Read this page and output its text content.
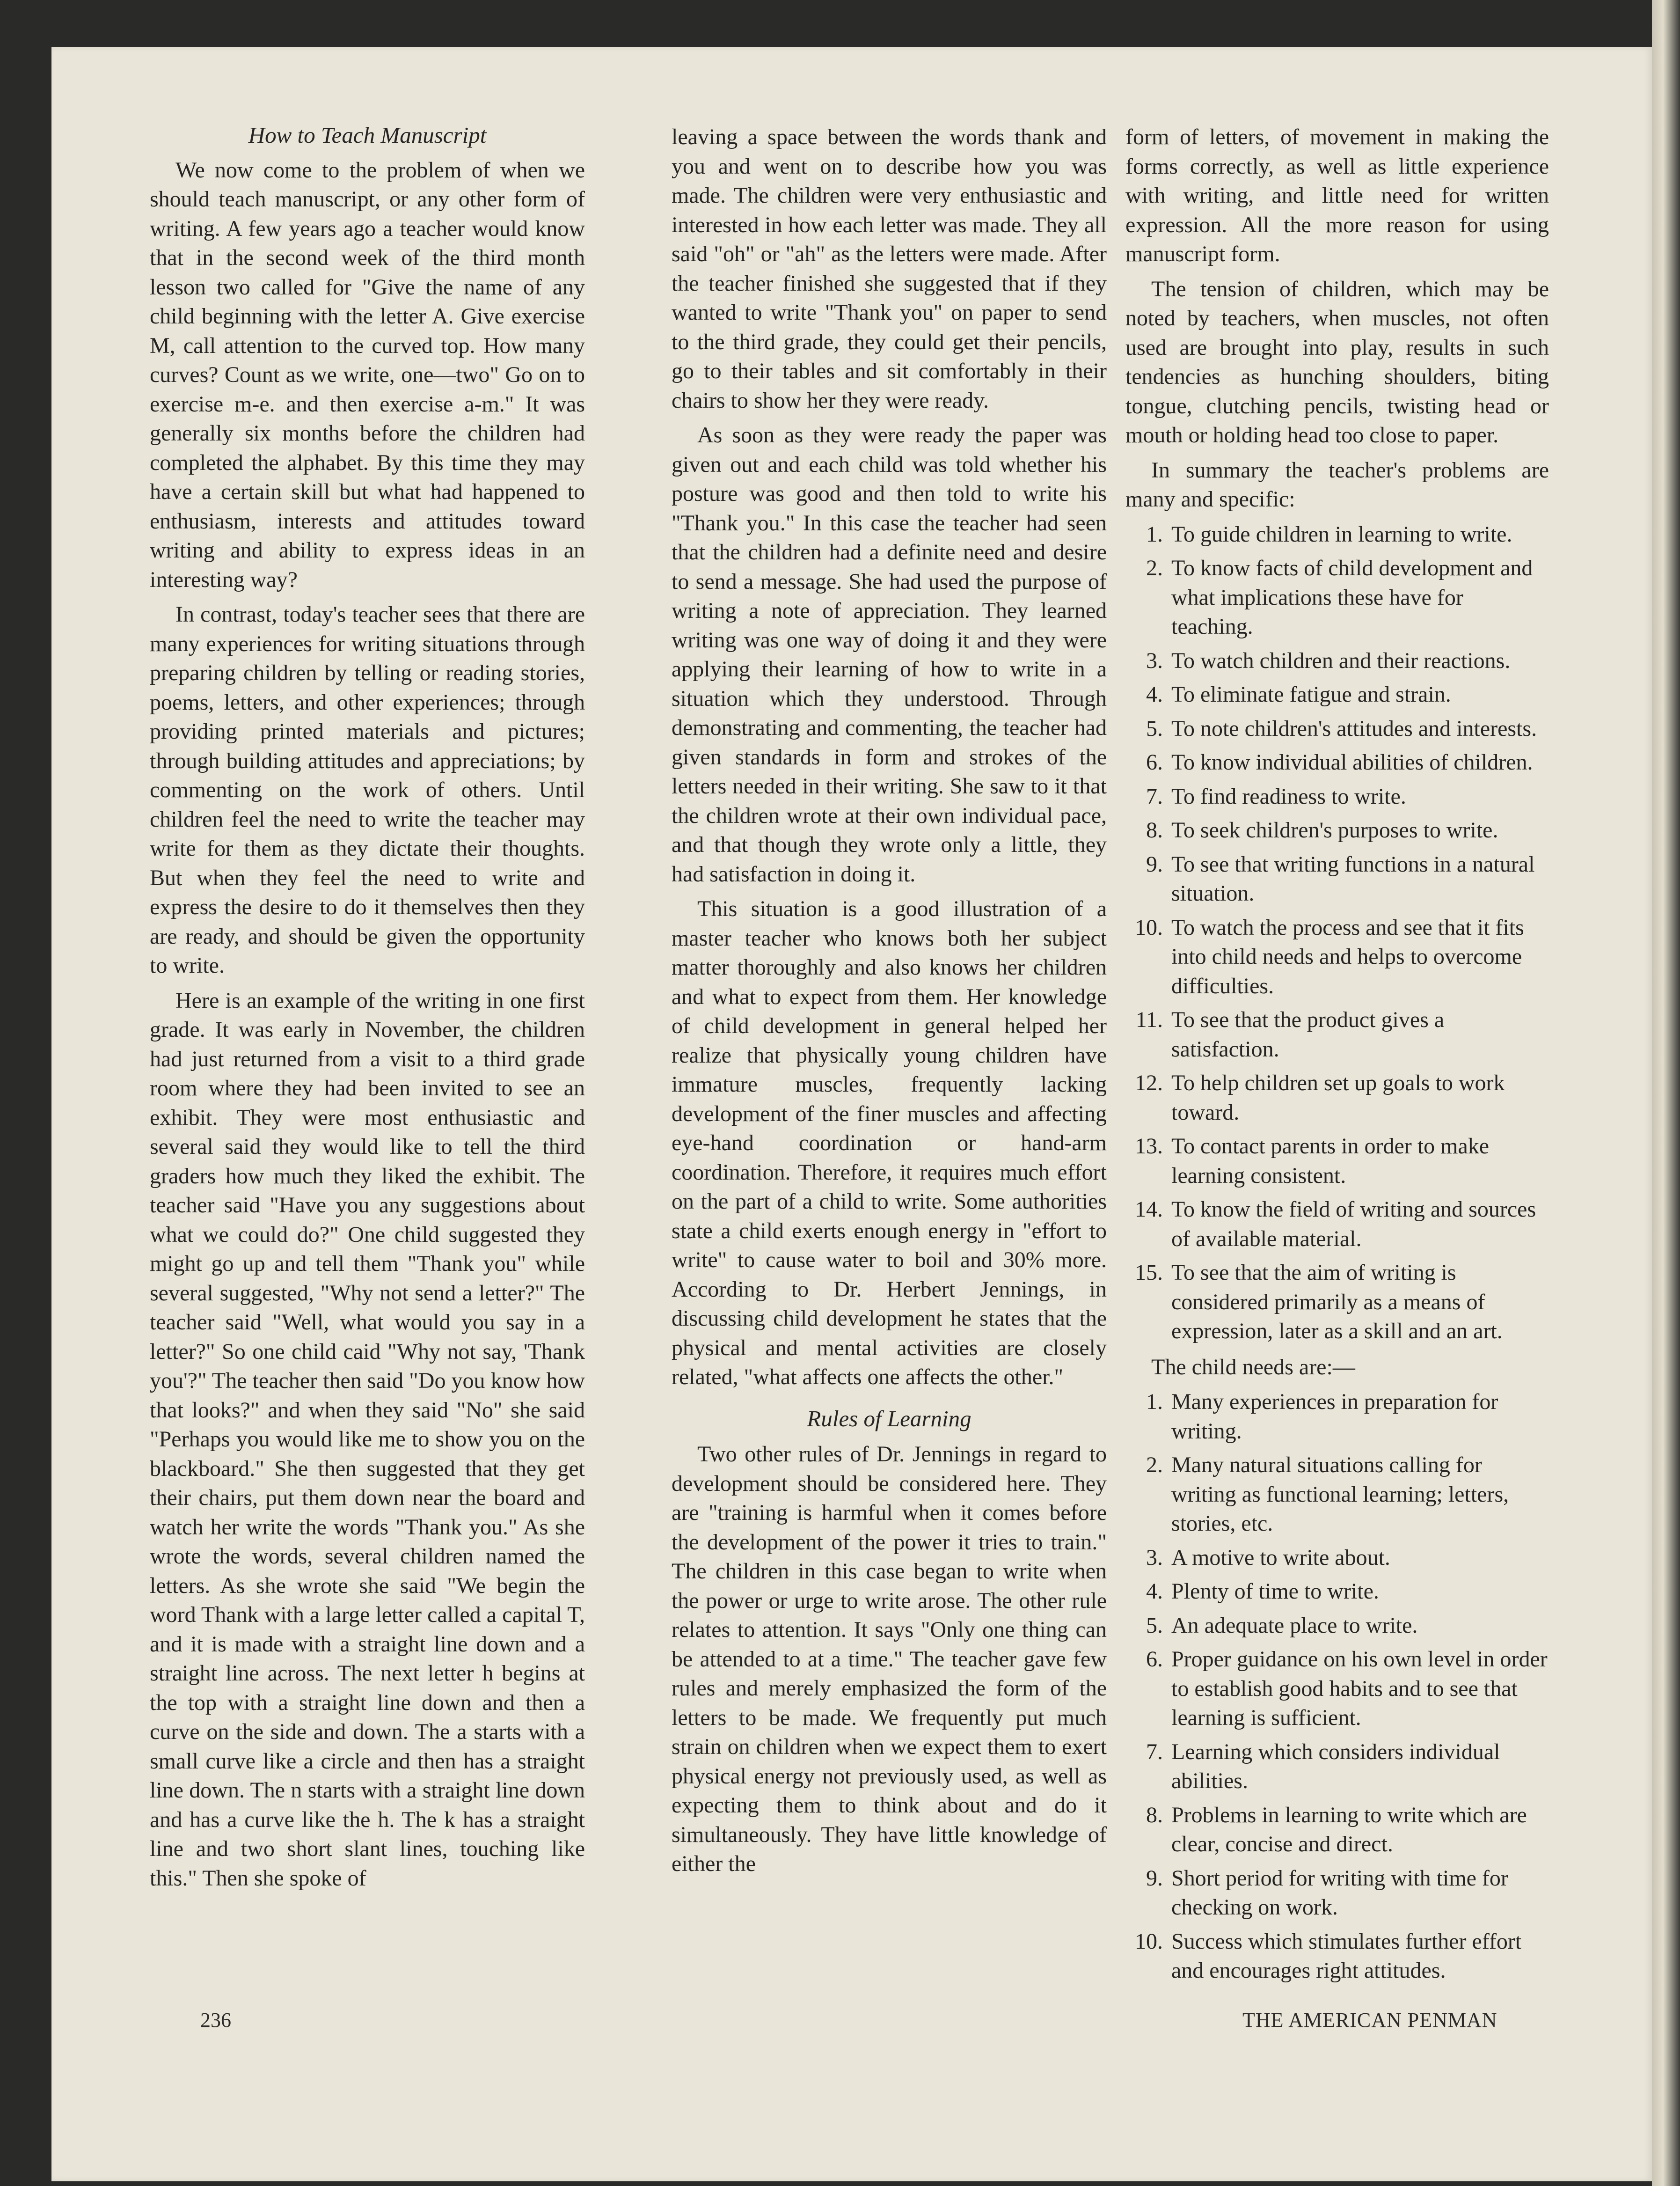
How to Teach Manuscript

We now come to the problem of when we should teach manuscript, or any other form of writing. A few years ago a teacher would know that in the second week of the third month lesson two called for "Give the name of any child beginning with the letter A. Give exercise M, call attention to the curved top. How many curves? Count as we write, one—two" Go on to exercise m-e. and then exercise a-m." It was generally six months before the children had completed the alphabet. By this time they may have a certain skill but what had happened to enthusiasm, interests and attitudes toward writing and ability to express ideas in an interesting way?

In contrast, today's teacher sees that there are many experiences for writing situations through preparing children by telling or reading stories, poems, letters, and other experiences; through providing printed materials and pictures; through building attitudes and appreciations; by commenting on the work of others. Until children feel the need to write the teacher may write for them as they dictate their thoughts. But when they feel the need to write and express the desire to do it themselves then they are ready, and should be given the opportunity to write.

Here is an example of the writing in one first grade. It was early in November, the children had just returned from a visit to a third grade room where they had been invited to see an exhibit. They were most enthusiastic and several said they would like to tell the third graders how much they liked the exhibit. The teacher said "Have you any suggestions about what we could do?" One child suggested they might go up and tell them "Thank you" while several suggested, "Why not send a letter?" The teacher said "Well, what would you say in a letter?" So one child caid "Why not say, 'Thank you'?" The teacher then said "Do you know how that looks?" and when they said "No" she said "Perhaps you would like me to show you on the blackboard." She then suggested that they get their chairs, put them down near the board and watch her write the words "Thank you." As she wrote the words, several children named the letters. As she wrote she said "We begin the word Thank with a large letter called a capital T, and it is made with a straight line down and a straight line across. The next letter h begins at the top with a straight line down and then a curve on the side and down. The a starts with a small curve like a circle and then has a straight line down. The n starts with a straight line down and has a curve like the h. The k has a straight line and two short slant lines, touching like this." Then she spoke of

leaving a space between the words thank and you and went on to describe how you was made. The children were very enthusiastic and interested in how each letter was made. They all said "oh" or "ah" as the letters were made. After the teacher finished she suggested that if they wanted to write "Thank you" on paper to send to the third grade, they could get their pencils, go to their tables and sit comfortably in their chairs to show her they were ready.

As soon as they were ready the paper was given out and each child was told whether his posture was good and then told to write his "Thank you." In this case the teacher had seen that the children had a definite need and desire to send a message. She had used the purpose of writing a note of appreciation. They learned writing was one way of doing it and they were applying their learning of how to write in a situation which they understood. Through demonstrating and commenting, the teacher had given standards in form and strokes of the letters needed in their writing. She saw to it that the children wrote at their own individual pace, and that though they wrote only a little, they had satisfaction in doing it.

This situation is a good illustration of a master teacher who knows both her subject matter thoroughly and also knows her children and what to expect from them. Her knowledge of child development in general helped her realize that physically young children have immature muscles, frequently lacking development of the finer muscles and affecting eye-hand coordination or hand-arm coordination. Therefore, it requires much effort on the part of a child to write. Some authorities state a child exerts enough energy in "effort to write" to cause water to boil and 30% more. According to Dr. Herbert Jennings, in discussing child development he states that the physical and mental activities are closely related, "what affects one affects the other."

Rules of Learning

Two other rules of Dr. Jennings in regard to development should be considered here. They are "training is harmful when it comes before the development of the power it tries to train." The children in this case began to write when the power or urge to write arose. The other rule relates to attention. It says "Only one thing can be attended to at a time." The teacher gave few rules and merely emphasized the form of the letters to be made. We frequently put much strain on children when we expect them to exert physical energy not previously used, as well as expecting them to think about and do it simultaneously. They have little knowledge of either the

form of letters, of movement in making the forms correctly, as well as little experience with writing, and little need for written expression. All the more reason for using manuscript form.

The tension of children, which may be noted by teachers, when muscles, not often used are brought into play, results in such tendencies as hunching shoulders, biting tongue, clutching pencils, twisting head or mouth or holding head too close to paper.

In summary the teacher's problems are many and specific:

1. To guide children in learning to write.
2. To know facts of child development and what implications these have for teaching.
3. To watch children and their reactions.
4. To eliminate fatigue and strain.
5. To note children's attitudes and interests.
6. To know individual abilities of children.
7. To find readiness to write.
8. To seek children's purposes to write.
9. To see that writing functions in a natural situation.
10. To watch the process and see that it fits into child needs and helps to overcome difficulties.
11. To see that the product gives a satisfaction.
12. To help children set up goals to work toward.
13. To contact parents in order to make learning consistent.
14. To know the field of writing and sources of available material.
15. To see that the aim of writing is considered primarily as a means of expression, later as a skill and an art.

The child needs are:—

1. Many experiences in preparation for writing.
2. Many natural situations calling for writing as functional learning; letters, stories, etc.
3. A motive to write about.
4. Plenty of time to write.
5. An adequate place to write.
6. Proper guidance on his own level in order to establish good habits and to see that learning is sufficient.
7. Learning which considers individual abilities.
8. Problems in learning to write which are clear, concise and direct.
9. Short period for writing with time for checking on work.
10. Success which stimulates further effort and encourages right attitudes.
236	THE AMERICAN PENMAN
